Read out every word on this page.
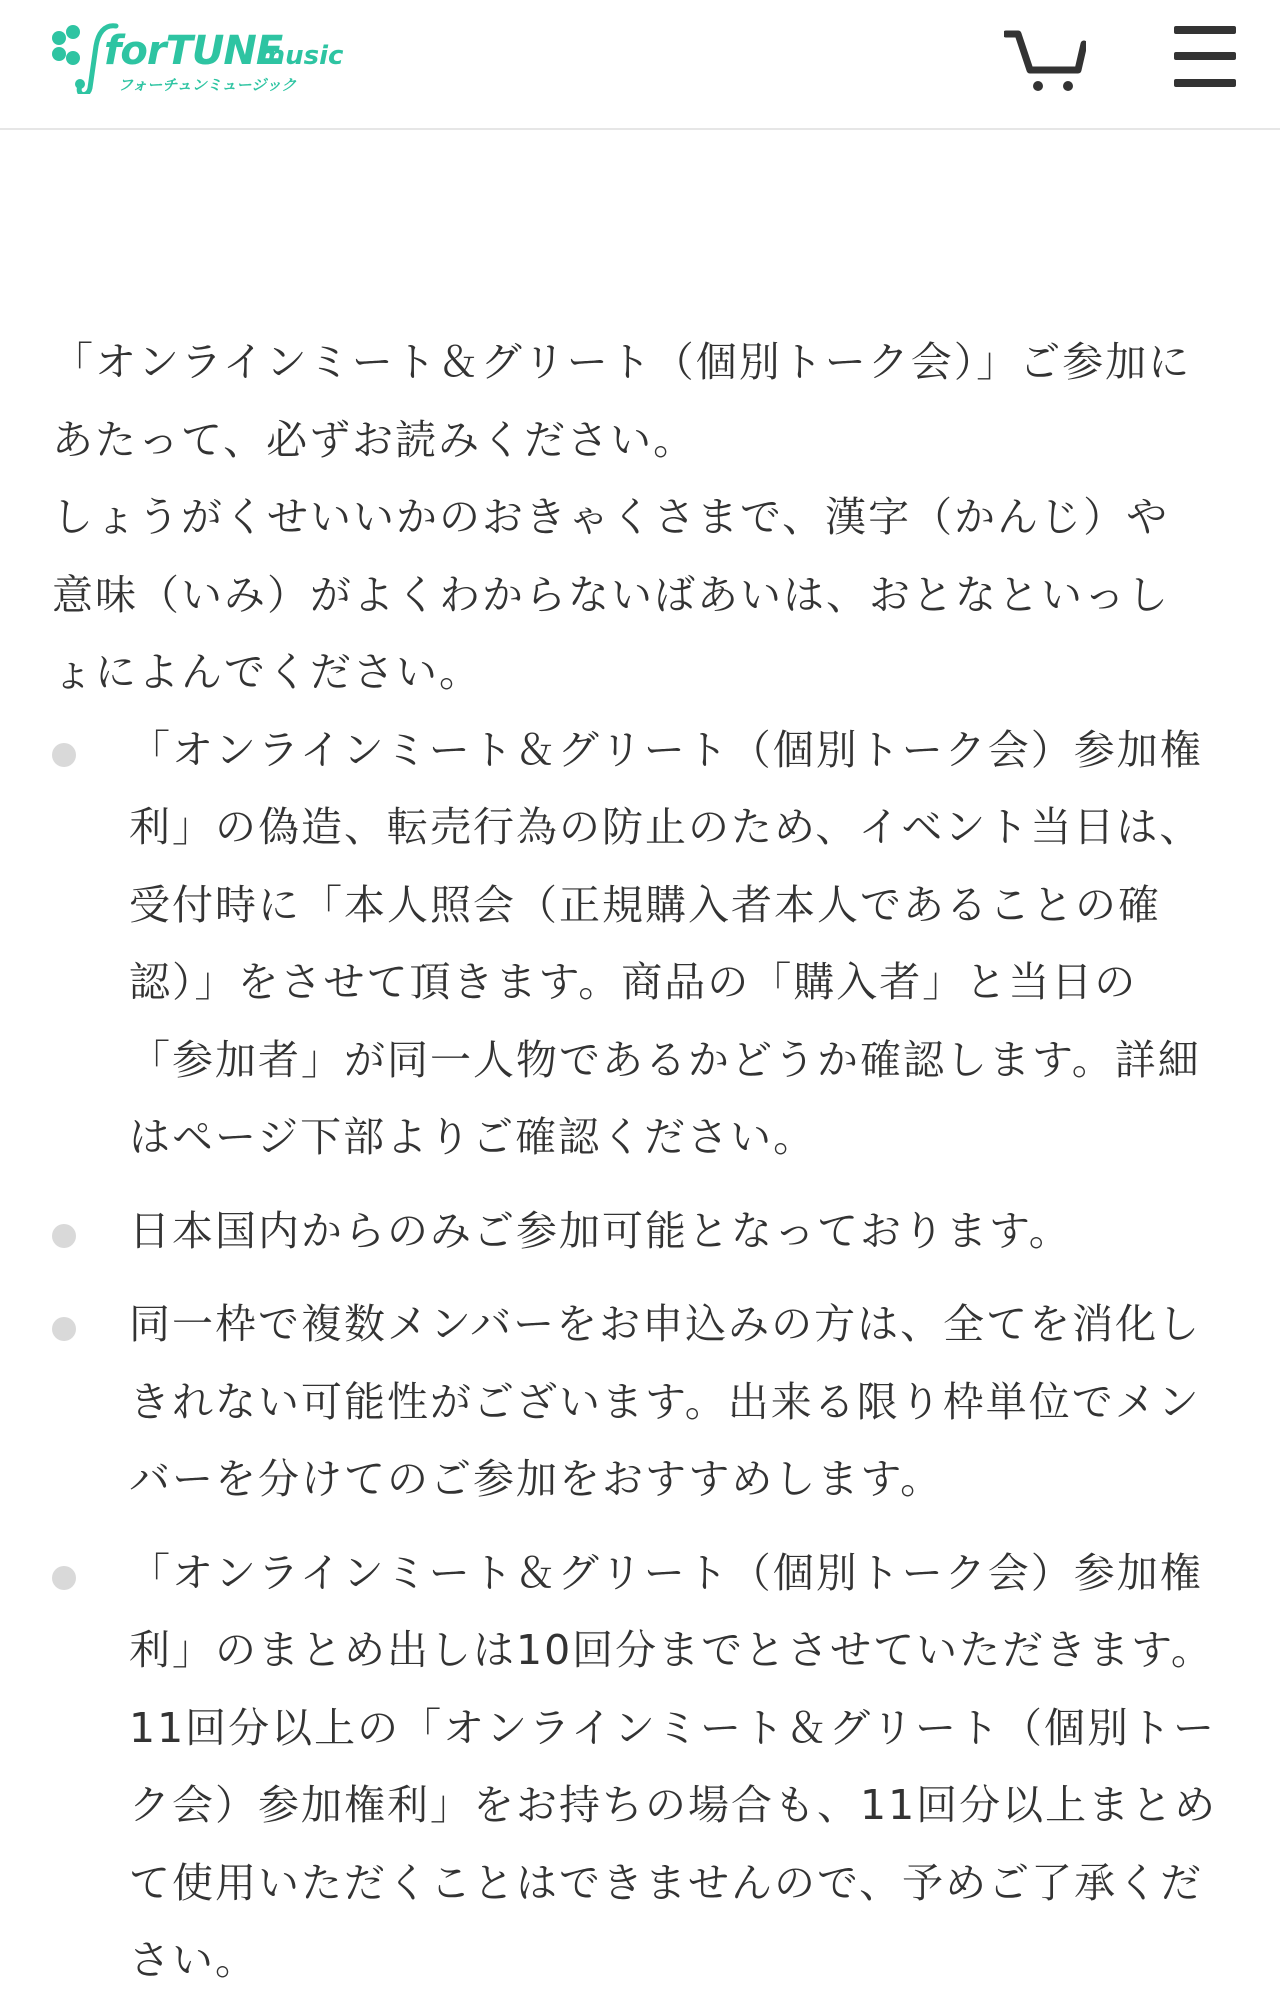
forTUNE
music
フォーチュンミュージック

「オンラインミート＆グリート（個別トーク会）」ご参加にあたって、必ずお読みください。
しょうがくせいいかのおきゃくさまで、漢字（かんじ）や意味（いみ）がよくわからないばあいは、おとなといっしょによんでください。

「オンラインミート＆グリート（個別トーク会）参加権利」の偽造、転売行為の防止のため、イベント当日は、受付時に「本人照会（正規購入者本人であることの確認）」をさせて頂きます。商品の「購入者」と当日の「参加者」が同一人物であるかどうか確認します。詳細はページ下部よりご確認ください。
日本国内からのみご参加可能となっております。
同一枠で複数メンバーをお申込みの方は、全てを消化しきれない可能性がございます。出来る限り枠単位でメンバーを分けてのご参加をおすすめします。
「オンラインミート＆グリート（個別トーク会）参加権利」のまとめ出しは10回分までとさせていただきます。11回分以上の「オンラインミート＆グリート（個別トーク会）参加権利」をお持ちの場合も、11回分以上まとめて使用いただくことはできませんので、予めご了承ください。
